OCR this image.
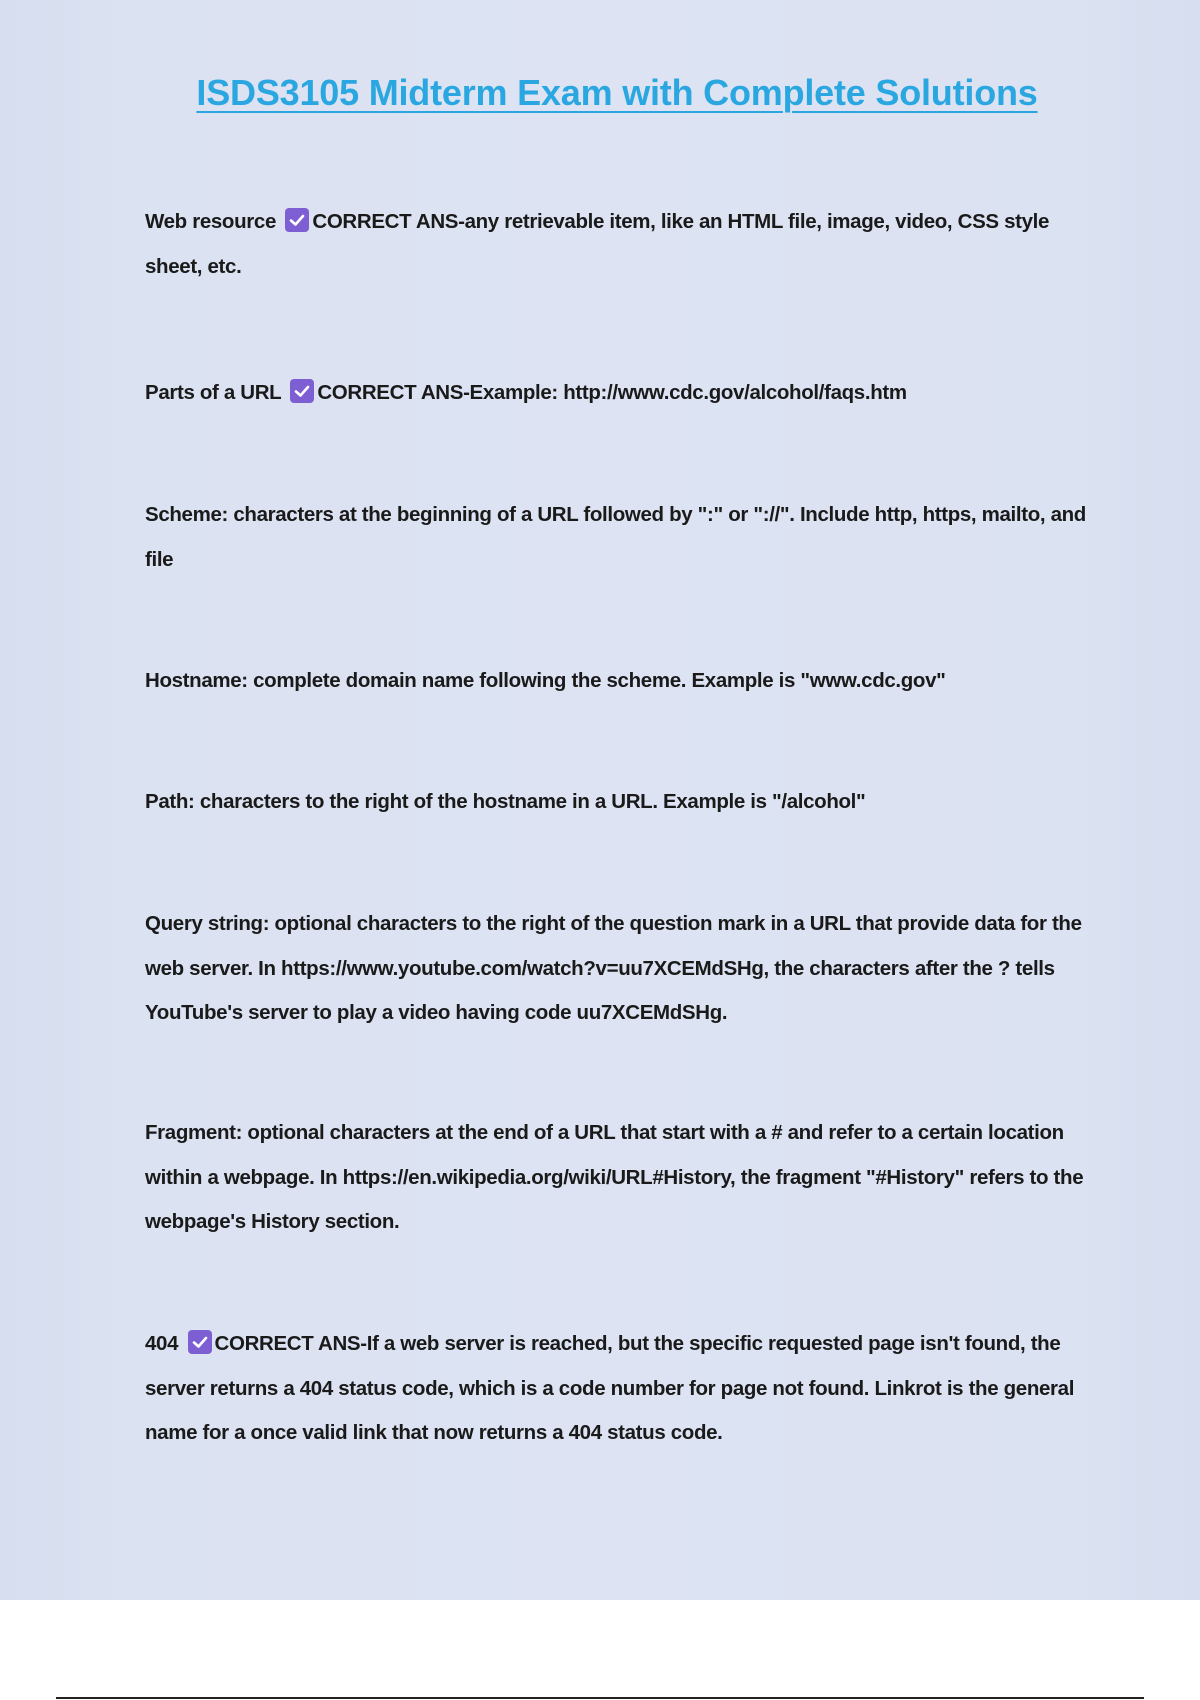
ISDS3105 Midterm Exam with Complete Solutions
Web resource CORRECT ANS-any retrievable item, like an HTML file, image, video, CSS style sheet, etc.
Parts of a URL CORRECT ANS-Example: http://www.cdc.gov/alcohol/faqs.htm
Scheme: characters at the beginning of a URL followed by ":" or "://". Include http, https, mailto, and file
Hostname: complete domain name following the scheme. Example is "www.cdc.gov"
Path: characters to the right of the hostname in a URL. Example is "/alcohol"
Query string: optional characters to the right of the question mark in a URL that provide data for the web server. In https://www.youtube.com/watch?v=uu7XCEMdSHg, the characters after the ? tells YouTube's server to play a video having code uu7XCEMdSHg.
Fragment: optional characters at the end of a URL that start with a # and refer to a certain location within a webpage. In https://en.wikipedia.org/wiki/URL#History, the fragment "#History" refers to the webpage's History section.
404 CORRECT ANS-If a web server is reached, but the specific requested page isn't found, the server returns a 404 status code, which is a code number for page not found. Linkrot is the general name for a once valid link that now returns a 404 status code.
